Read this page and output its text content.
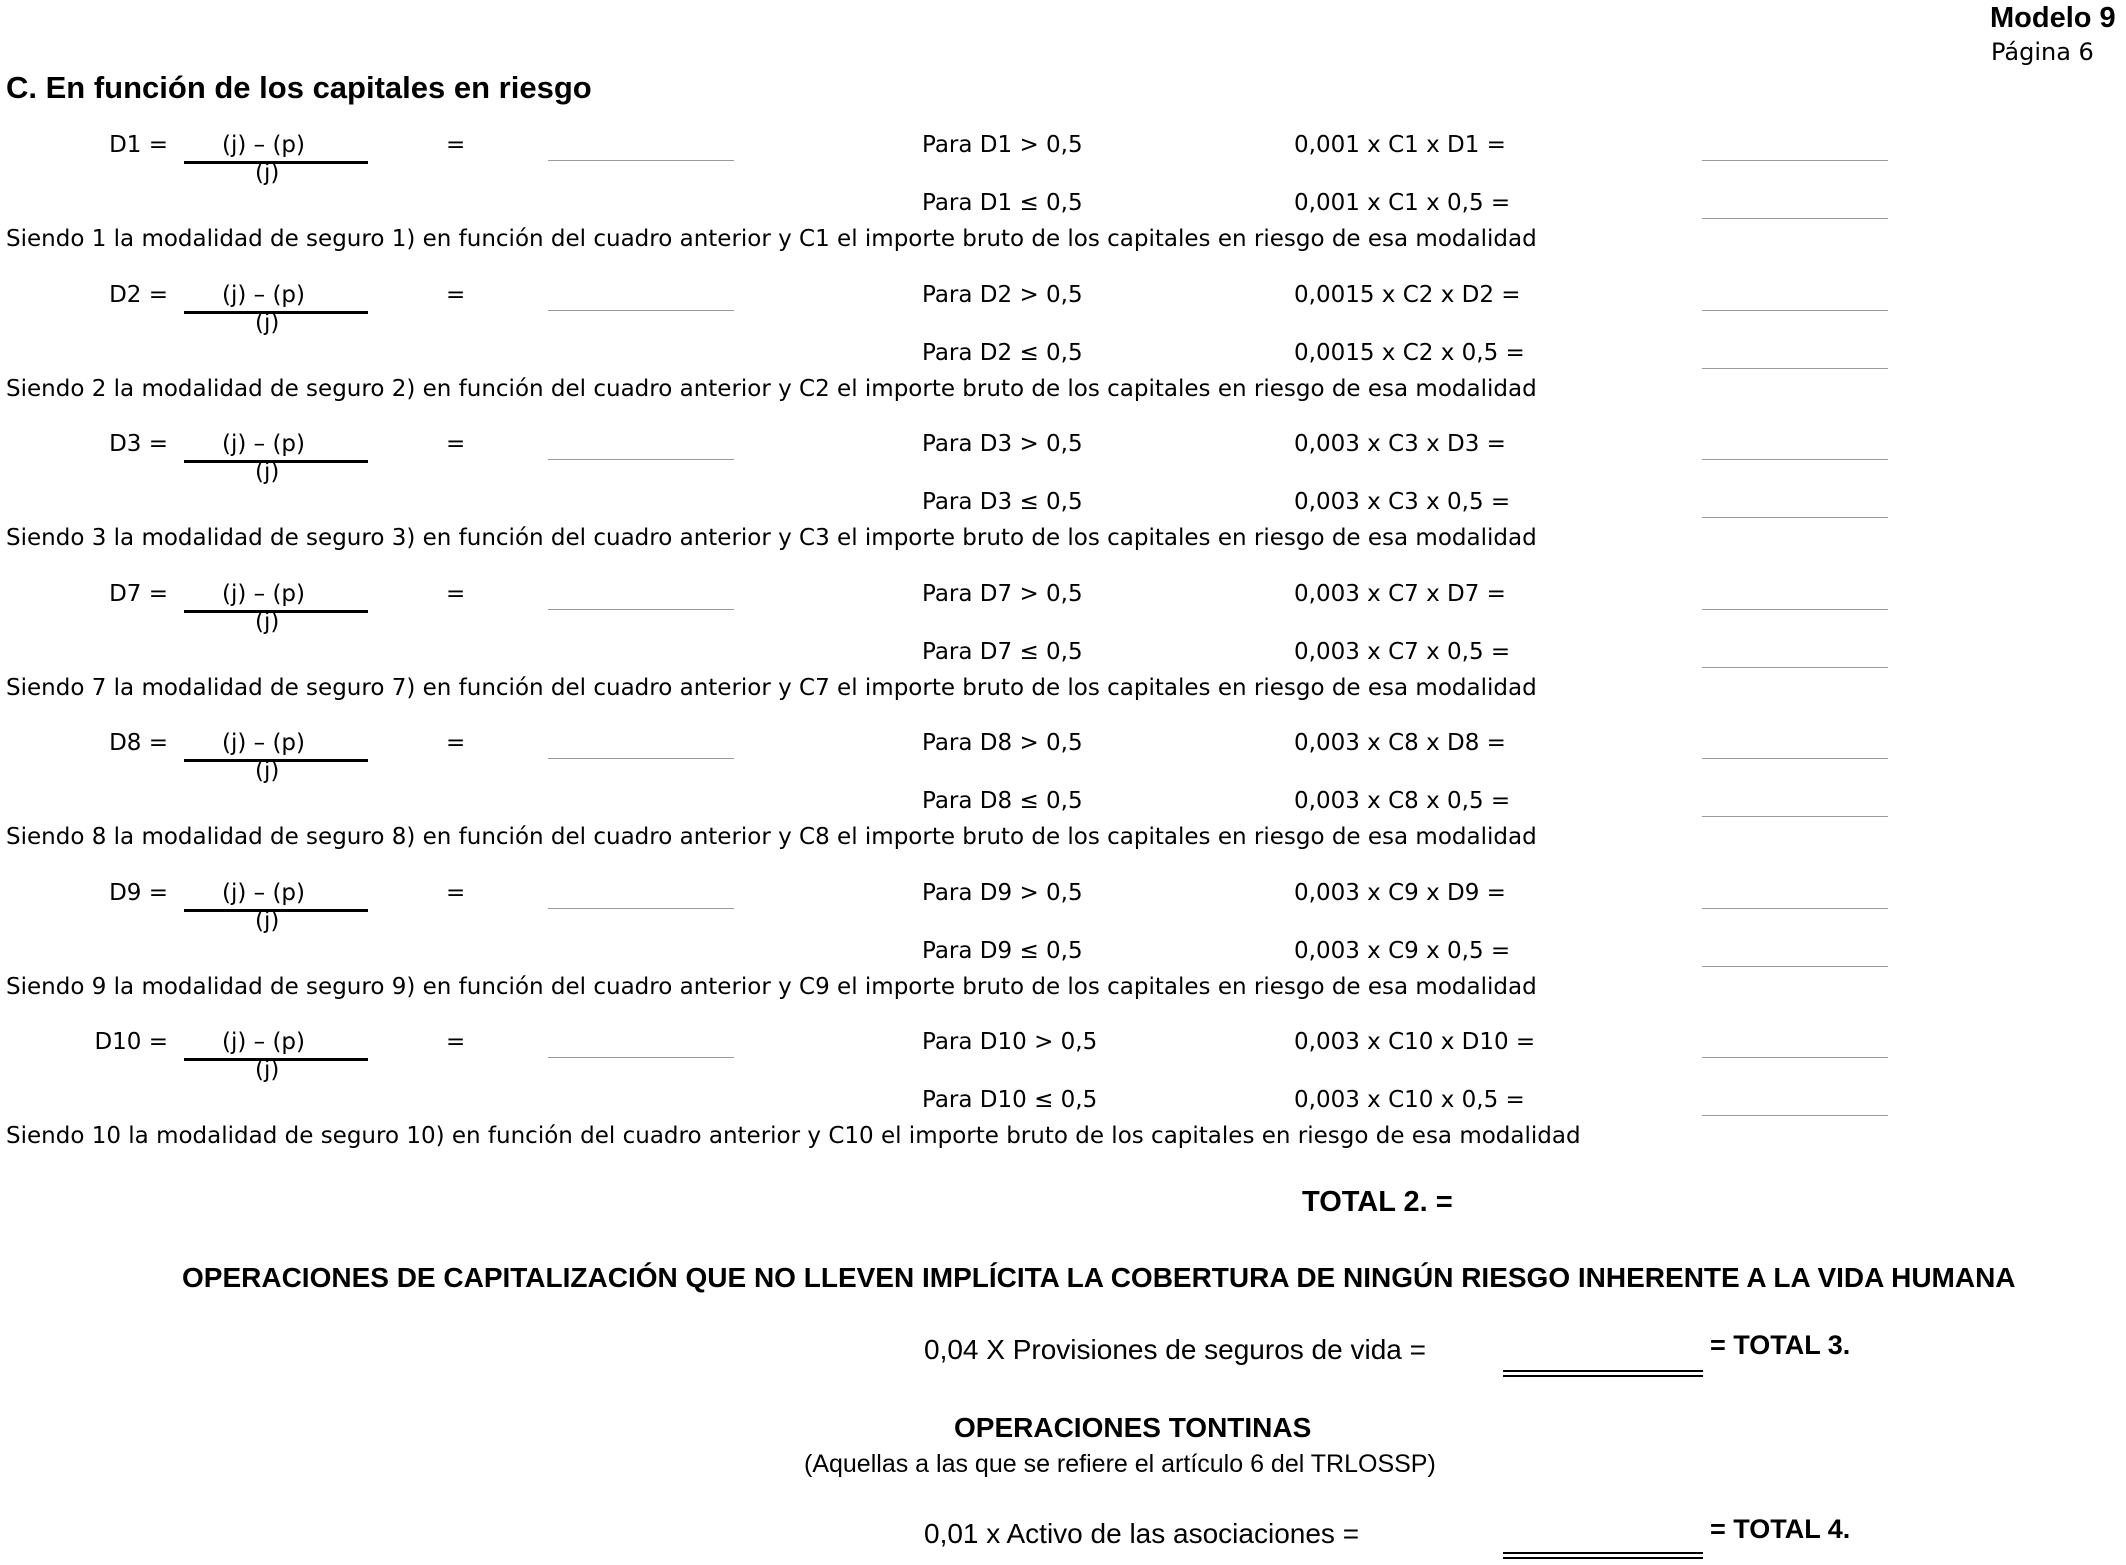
Modelo 9
Página 6
C. En función de los capitales en riesgo
D1 = (j) – (p)
(j)
=	Para D1 > 0,5	0,001 x C1 x D1 =
Para D1 ≤ 0,5	0,001 x C1 x 0,5 =
Siendo 1 la modalidad de seguro 1) en función del cuadro anterior y C1 el importe bruto de los capitales en riesgo de esa modalidad
D2 = (j) – (p)
(j)
=	Para D2 > 0,5	0,0015 x C2 x D2 =
Para D2 ≤ 0,5	0,0015 x C2 x 0,5 =
Siendo 2 la modalidad de seguro 2) en función del cuadro anterior y C2 el importe bruto de los capitales en riesgo de esa modalidad
D3 = (j) – (p)
(j)
=	Para D3 > 0,5	0,003 x C3 x D3 =
Para D3 ≤ 0,5	0,003 x C3 x 0,5 =
Siendo 3 la modalidad de seguro 3) en función del cuadro anterior y C3 el importe bruto de los capitales en riesgo de esa modalidad
D7 = (j) – (p)
(j)
=	Para D7 > 0,5	0,003 x C7 x D7 =
Para D7 ≤ 0,5	0,003 x C7 x 0,5 =
Siendo 7 la modalidad de seguro 7) en función del cuadro anterior y C7 el importe bruto de los capitales en riesgo de esa modalidad
D8 = (j) – (p)
(j)
=	Para D8 > 0,5	0,003 x C8 x D8 =
Para D8 ≤ 0,5	0,003 x C8 x 0,5 =
Siendo 8 la modalidad de seguro 8) en función del cuadro anterior y C8 el importe bruto de los capitales en riesgo de esa modalidad
D9 = (j) – (p)
(j)
=	Para D9 > 0,5	0,003 x C9 x D9 =
Para D9 ≤ 0,5	0,003 x C9 x 0,5 =
Siendo 9 la modalidad de seguro 9) en función del cuadro anterior y C9 el importe bruto de los capitales en riesgo de esa modalidad
D10 = (j) – (p)
(j)
=	Para D10 > 0,5	0,003 x C10 x D10 =
Para D10 ≤ 0,5	0,003 x C10 x 0,5 =
Siendo 10 la modalidad de seguro 10) en función del cuadro anterior y C10 el importe bruto de los capitales en riesgo de esa modalidad
TOTAL 2. =
OPERACIONES DE CAPITALIZACIÓN QUE NO LLEVEN IMPLÍCITA LA COBERTURA DE NINGÚN RIESGO INHERENTE A LA VIDA HUMANA
0,04 X Provisiones de seguros de vida =	= TOTAL 3.
OPERACIONES TONTINAS
(Aquellas a las que se refiere el artículo 6 del TRLOSSP)
0,01 x Activo de las asociaciones =	= TOTAL 4.
